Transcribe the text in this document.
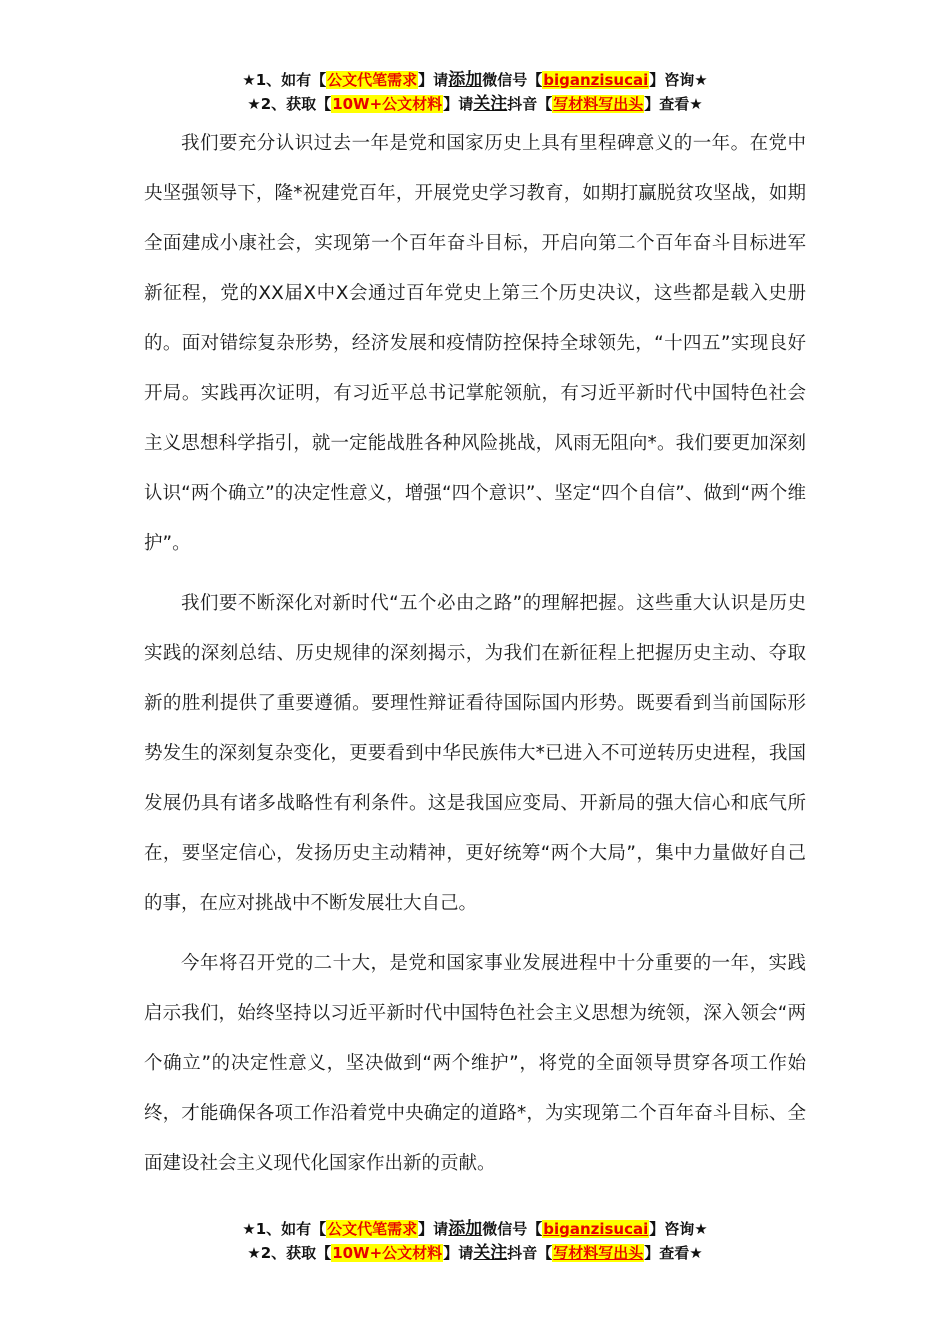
★1、如有【公文代笔需求】请添加微信号【biganzisucai】咨询★
★2、获取【10W+公文材料】请关注抖音【写材料写出头】查看★

我们要充分认识过去一年是党和国家历史上具有里程碑意义的一年。在党中央坚强领导下，隆*祝建党百年，开展党史学习教育，如期打赢脱贫攻坚战，如期全面建成小康社会，实现第一个百年奋斗目标，开启向第二个百年奋斗目标进军新征程，党的XX届X中X会通过百年党史上第三个历史决议，这些都是载入史册的。面对错综复杂形势，经济发展和疫情防控保持全球领先，“十四五”实现良好开局。实践再次证明，有习近平总书记掌舵领航，有习近平新时代中国特色社会主义思想科学指引，就一定能战胜各种风险挑战，风雨无阻向*。我们要更加深刻认识“两个确立”的决定性意义，增强“四个意识”、坚定“四个自信”、做到“两个维护”。

我们要不断深化对新时代“五个必由之路”的理解把握。这些重大认识是历史实践的深刻总结、历史规律的深刻揭示，为我们在新征程上把握历史主动、夺取新的胜利提供了重要遵循。要理性辩证看待国际国内形势。既要看到当前国际形势发生的深刻复杂变化，更要看到中华民族伟大*已进入不可逆转历史进程，我国发展仍具有诸多战略性有利条件。这是我国应变局、开新局的强大信心和底气所在，要坚定信心，发扬历史主动精神，更好统筹“两个大局”，集中力量做好自己的事，在应对挑战中不断发展壮大自己。

今年将召开党的二十大，是党和国家事业发展进程中十分重要的一年，实践启示我们，始终坚持以习近平新时代中国特色社会主义思想为统领，深入领会“两个确立”的决定性意义，坚决做到“两个维护”，将党的全面领导贯穿各项工作始终，才能确保各项工作沿着党中央确定的道路*，为实现第二个百年奋斗目标、全面建设社会主义现代化国家作出新的贡献。

★1、如有【公文代笔需求】请添加微信号【biganzisucai】咨询★
★2、获取【10W+公文材料】请关注抖音【写材料写出头】查看★
